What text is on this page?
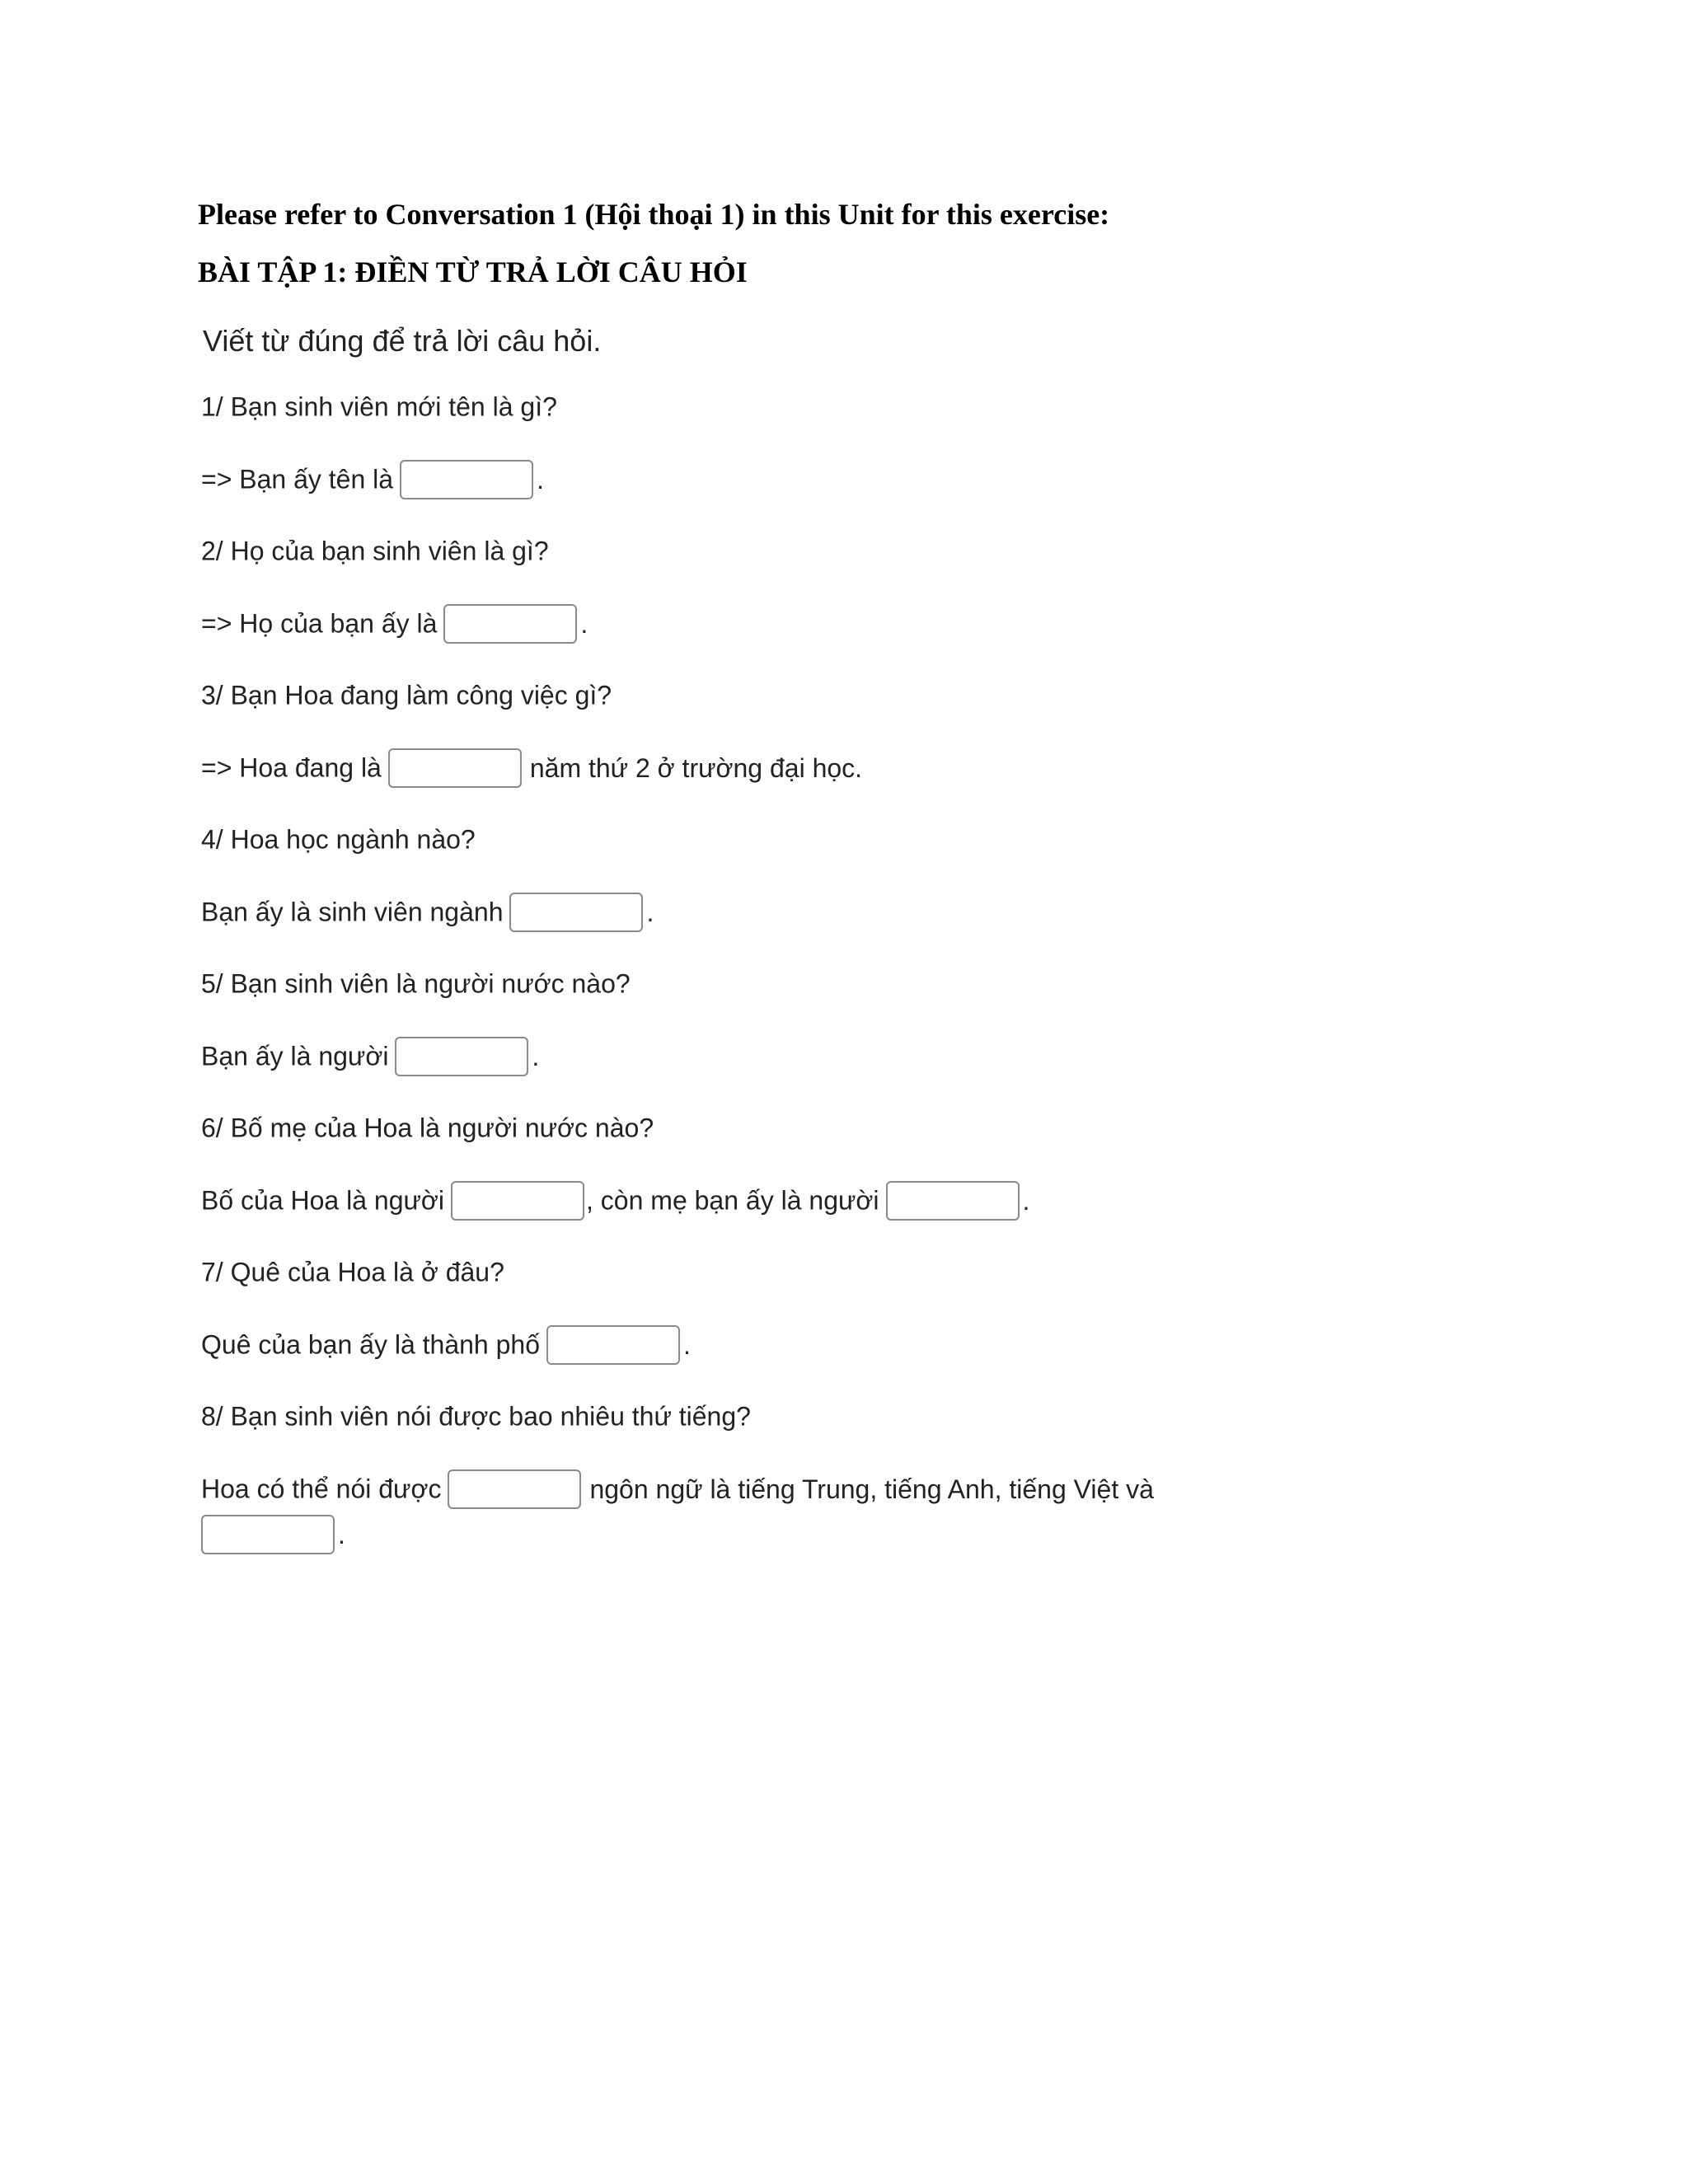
Please refer to Conversation 1 (Hội thoại 1) in this Unit for this exercise:
BÀI TẬP 1: ĐIỀN TỪ TRẢ LỜI CÂU HỎI
Viết từ đúng để trả lời câu hỏi.
1/ Bạn sinh viên mới tên là gì?
=> Bạn ấy tên là	.
2/ Họ của bạn sinh viên là gì?
=> Họ của bạn ấy là	.
3/ Bạn Hoa đang làm công việc gì?
=> Hoa đang là	năm thứ 2 ở trường đại học.
4/ Hoa học ngành nào?
Bạn ấy là sinh viên ngành	.
5/ Bạn sinh viên là người nước nào?
Bạn ấy là người	.
6/ Bố mẹ của Hoa là người nước nào?
Bố của Hoa là người	, còn mẹ bạn ấy là người	.
7/ Quê của Hoa là ở đâu?
Quê của bạn ấy là thành phố	.
8/ Bạn sinh viên nói được bao nhiêu thứ tiếng?
Hoa có thể nói được	ngôn ngữ là tiếng Trung, tiếng Anh, tiếng Việt và
.
